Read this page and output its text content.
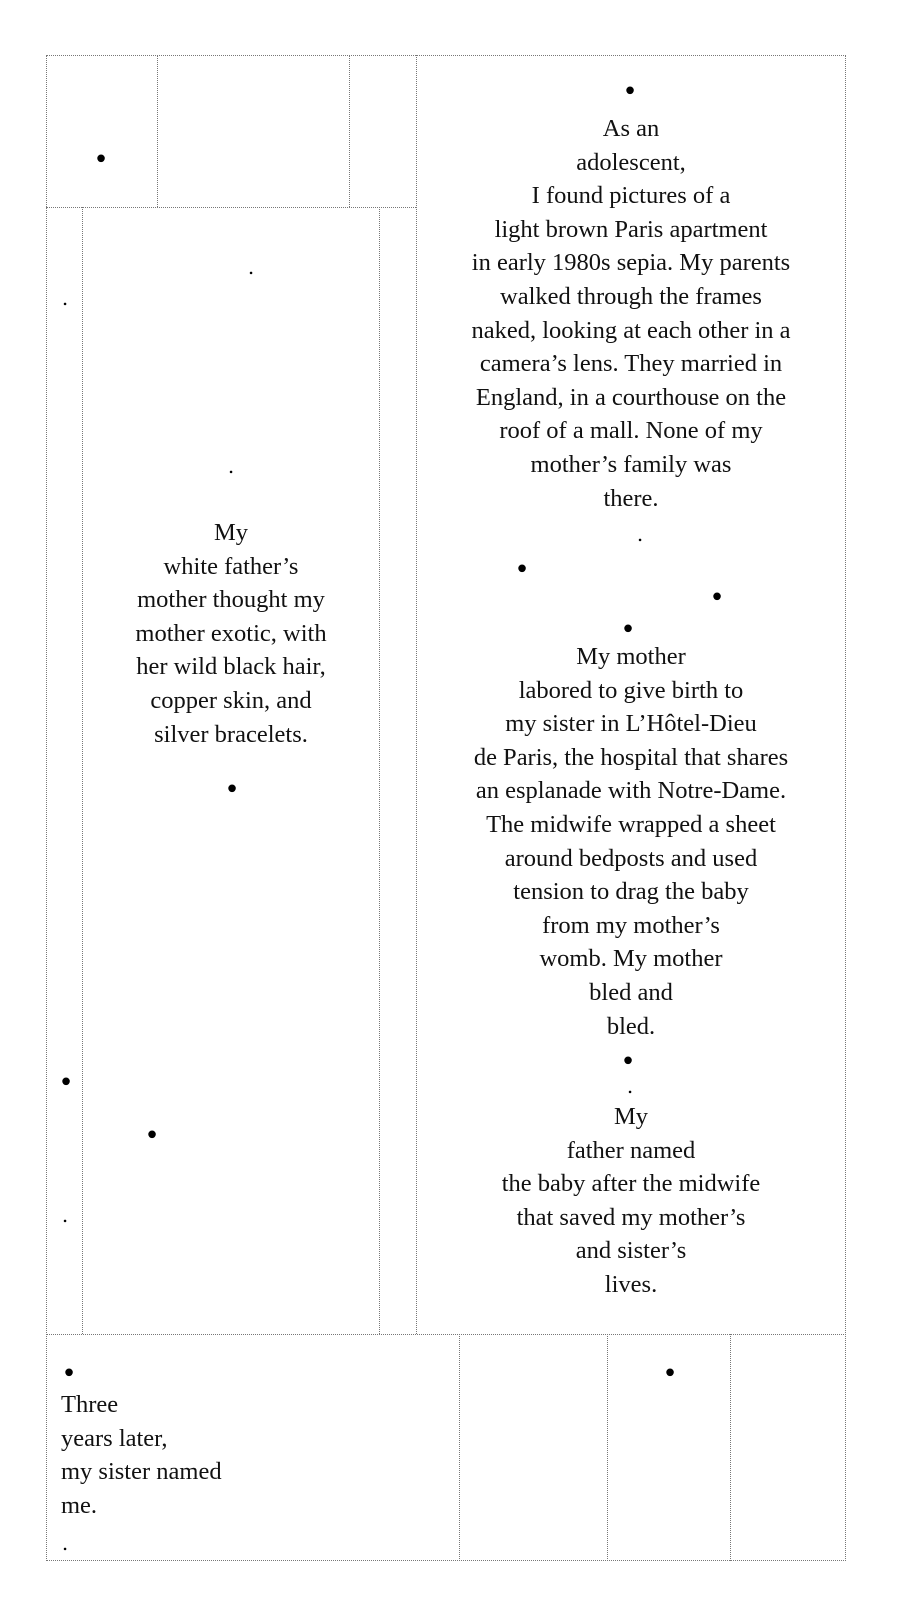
•
•
.
.
.
•
•
•
.
.
•
•
•
•
.
•	•
.
As an
adolescent,
I found pictures of a
light brown Paris apartment
in early 1980s sepia. My parents
walked through the frames
naked, looking at each other in a
camera’s lens. They married in
England, in a courthouse on the
roof of a mall. None of my
mother’s family was
there.
My
white father’s
mother thought my
mother exotic, with
her wild black hair,
copper skin, and
silver bracelets.
My mother
labored to give birth to
my sister in L’Hôtel-Dieu
de Paris, the hospital that shares
an esplanade with Notre-Dame.
The midwife wrapped a sheet
around bedposts and used
tension to drag the baby
from my mother’s
womb. My mother
bled and
bled.
My
father named
the baby after the midwife
that saved my mother’s
and sister’s
lives.
Three
years later,
my sister named
me.
